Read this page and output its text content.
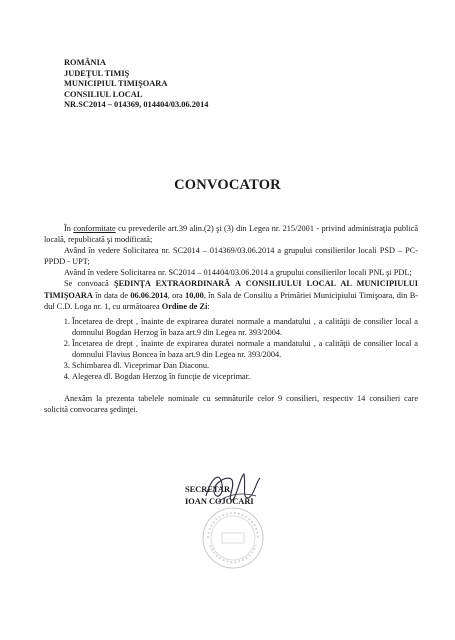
ROMÂNIA
JUDEŢUL TIMIŞ
MUNICIPIUL TIMIŞOARA
CONSILIUL LOCAL
NR.SC2014 – 014369, 014404/03.06.2014
CONVOCATOR

În conformitate cu prevederile art.39 alin.(2) şi (3) din Legea nr. 215/2001 - privind administraţia publică locală, republicată şi modificată;

Având în vedere Solicitarea nr. SC2014 – 014369/03.06.2014 a grupului consilierilor locali PSD – PC- PPDD - UPT;

Având în vedere Solicitarea nr. SC2014 – 014404/03.06.2014 a grupului consilierilor locali PNL şi PDL;

Se convoacă ŞEDINŢA EXTRAORDINARĂ A CONSILIULUI LOCAL AL MUNICIPIULUI TIMIŞOARA în data de 06.06.2014, ora 10,00, în Sala de Consiliu a Primăriei Municipiului Timişoara, din B-dul C.D. Loga nr. 1, cu următoarea Ordine de Zi:

1. Încetarea de drept , înainte de expirarea duratei normale a mandatului , a calităţii de consilier local a domnului Bogdan Herzog în baza art.9 din Legea nr. 393/2004.
2. Încetarea de drept , înainte de expirarea duratei normale a mandatului , a calităţii de consilier local a domnului Flavius Boncea în baza art.9 din Legea nr. 393/2004.
3. Schimbarea dl. Viceprimar Dan Diaconu.
4. Alegerea dl. Bogdan Herzog în funcţie de viceprimar.

Anexăm la prezenta tabelele nominale cu semnăturile celor 9 consilieri, respectiv 14 consilieri care solicită convocarea şedinţei.

SECRETAR,
IOAN COJOCARI
